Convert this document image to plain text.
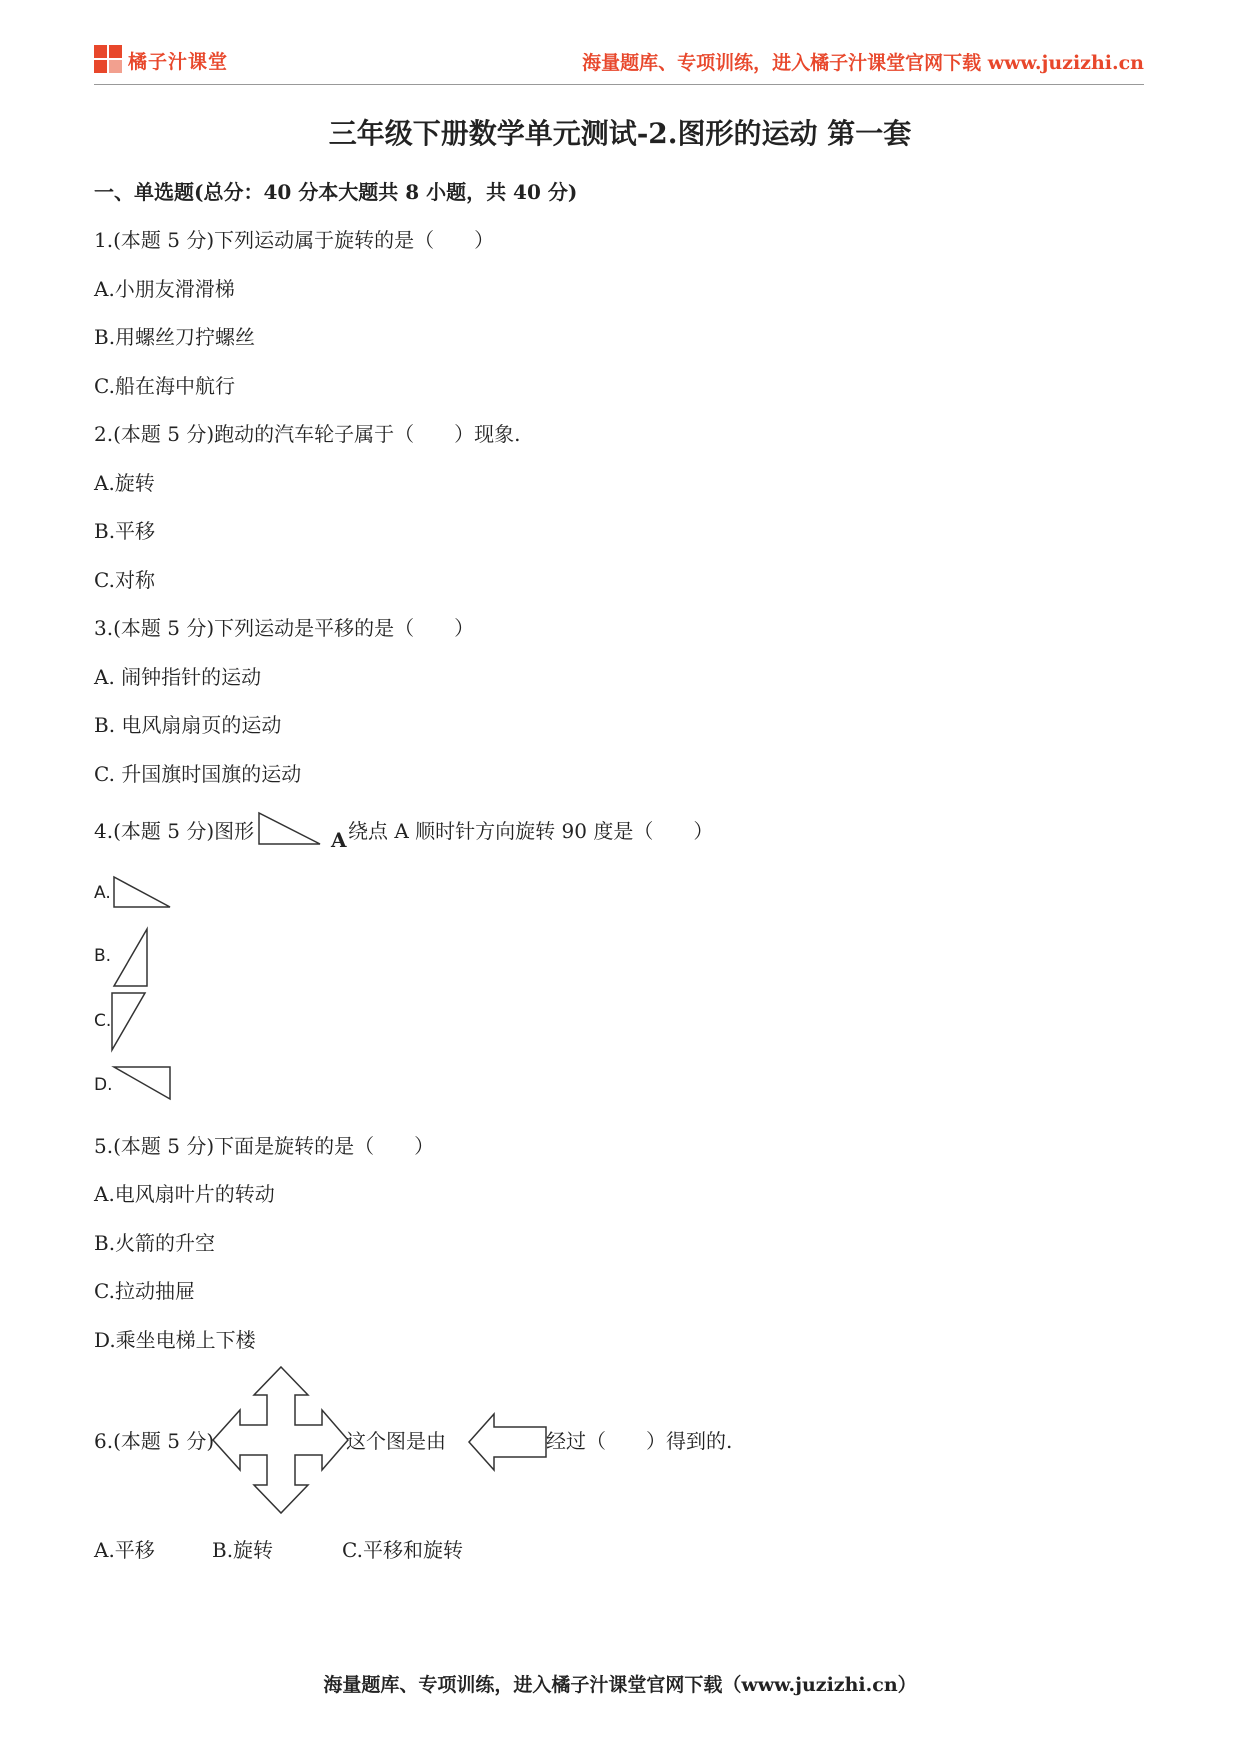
橘子汁课堂	海量题库、专项训练，进入橘子汁课堂官网下载 www.juzizhi.cn
三年级下册数学单元测试-2.图形的运动 第一套
一、单选题(总分：40 分本大题共 8 小题，共 40 分)
1.(本题 5 分)下列运动属于旋转的是（　　）
A.小朋友滑滑梯
B.用螺丝刀拧螺丝
C.船在海中航行
2.(本题 5 分)跑动的汽车轮子属于（　　）现象.
A.旋转
B.平移
C.对称
3.(本题 5 分)下列运动是平移的是（　　）
A. 闹钟指针的运动
B. 电风扇扇页的运动
C. 升国旗时国旗的运动
4.(本题 5 分)图形	A 绕点 A 顺时针方向旋转 90 度是（　　）
A.
B.
C.
D.
5.(本题 5 分)下面是旋转的是（　　）
A.电风扇叶片的转动
B.火箭的升空
C.拉动抽屉
D.乘坐电梯上下楼
6.(本题 5 分)	这个图是由	经过（　　）得到的.
A.平移	B.旋转	C.平移和旋转
海量题库、专项训练，进入橘子汁课堂官网下载（www.juzizhi.cn）
